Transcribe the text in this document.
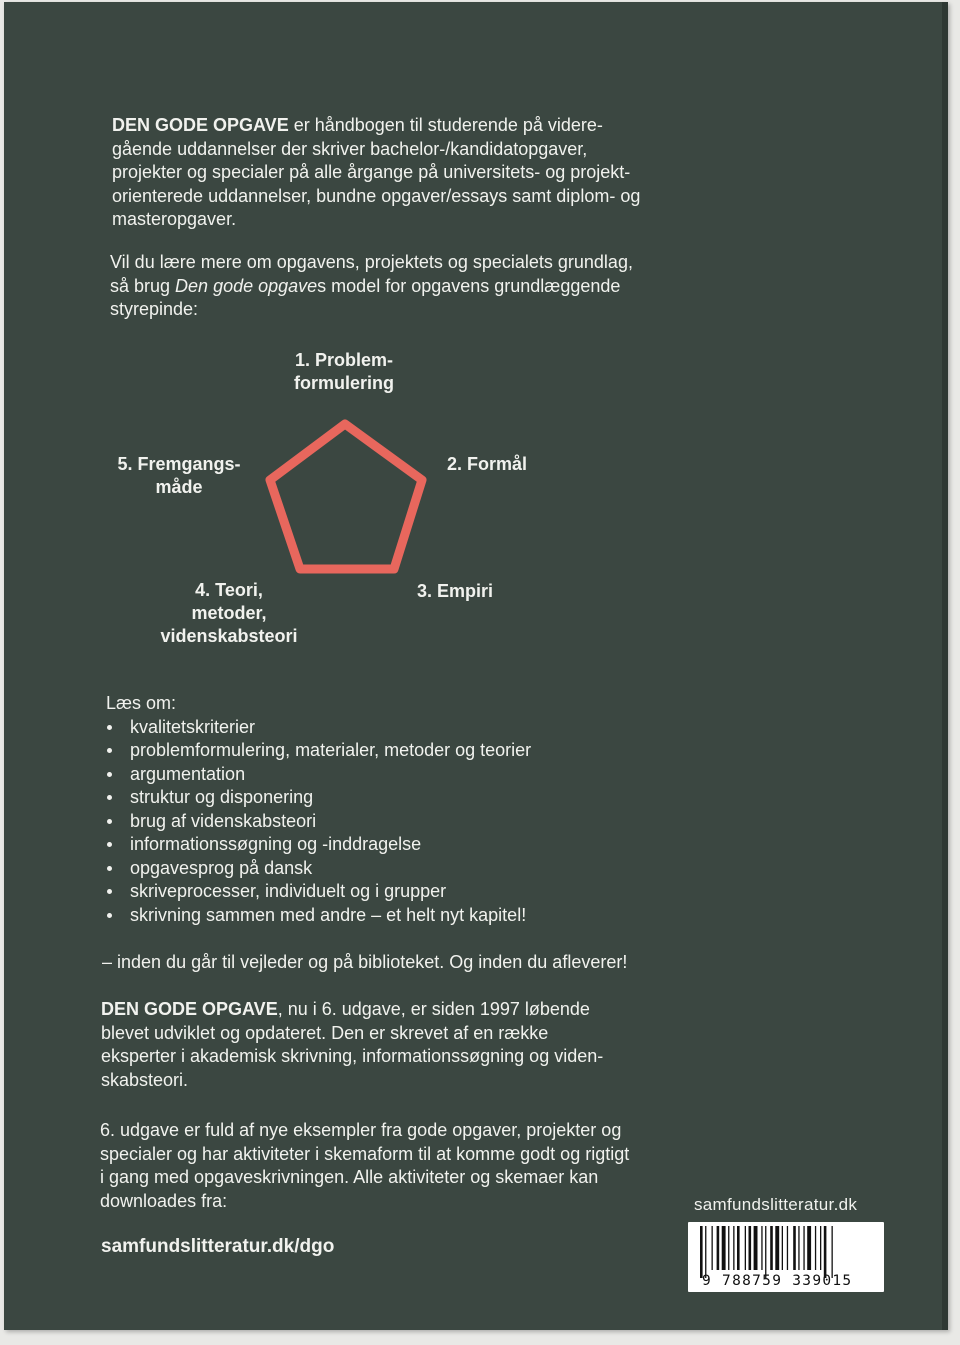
DEN GODE OPGAVE er håndbogen til studerende på videre-
gående uddannelser der skriver bachelor-/kandidatopgaver,
projekter og specialer på alle årgange på universitets- og projekt-
orienterede uddannelser, bundne opgaver/essays samt diplom- og
masteropgaver.

Vil du lære mere om opgavens, projektets og specialets grundlag,
så brug Den gode opgaves model for opgavens grundlæggende
styrepinde:

1. Problem-
formulering
2. Formål
3. Empiri
4. Teori,
metoder,
videnskabsteori
5. Fremgangs-
måde
Læs om:
kvalitetskriterier
problemformulering, materialer, metoder og teorier
argumentation
struktur og disponering
brug af videnskabsteori
informationssøgning og -inddragelse
opgavesprog på dansk
skriveprocesser, individuelt og i grupper
skrivning sammen med andre – et helt nyt kapitel!

– inden du går til vejleder og på biblioteket. Og inden du afleverer!

DEN GODE OPGAVE, nu i 6. udgave, er siden 1997 løbende
blevet udviklet og opdateret. Den er skrevet af en række
eksperter i akademisk skrivning, informationssøgning og viden-
skabsteori.

6. udgave er fuld af nye eksempler fra gode opgaver, projekter og
specialer og har aktiviteter i skemaform til at komme godt og rigtigt
i gang med opgaveskrivningen. Alle aktiviteter og skemaer kan
downloades fra:

samfundslitteratur.dk/dgo
samfundslitteratur.dk
9 788759 339015
